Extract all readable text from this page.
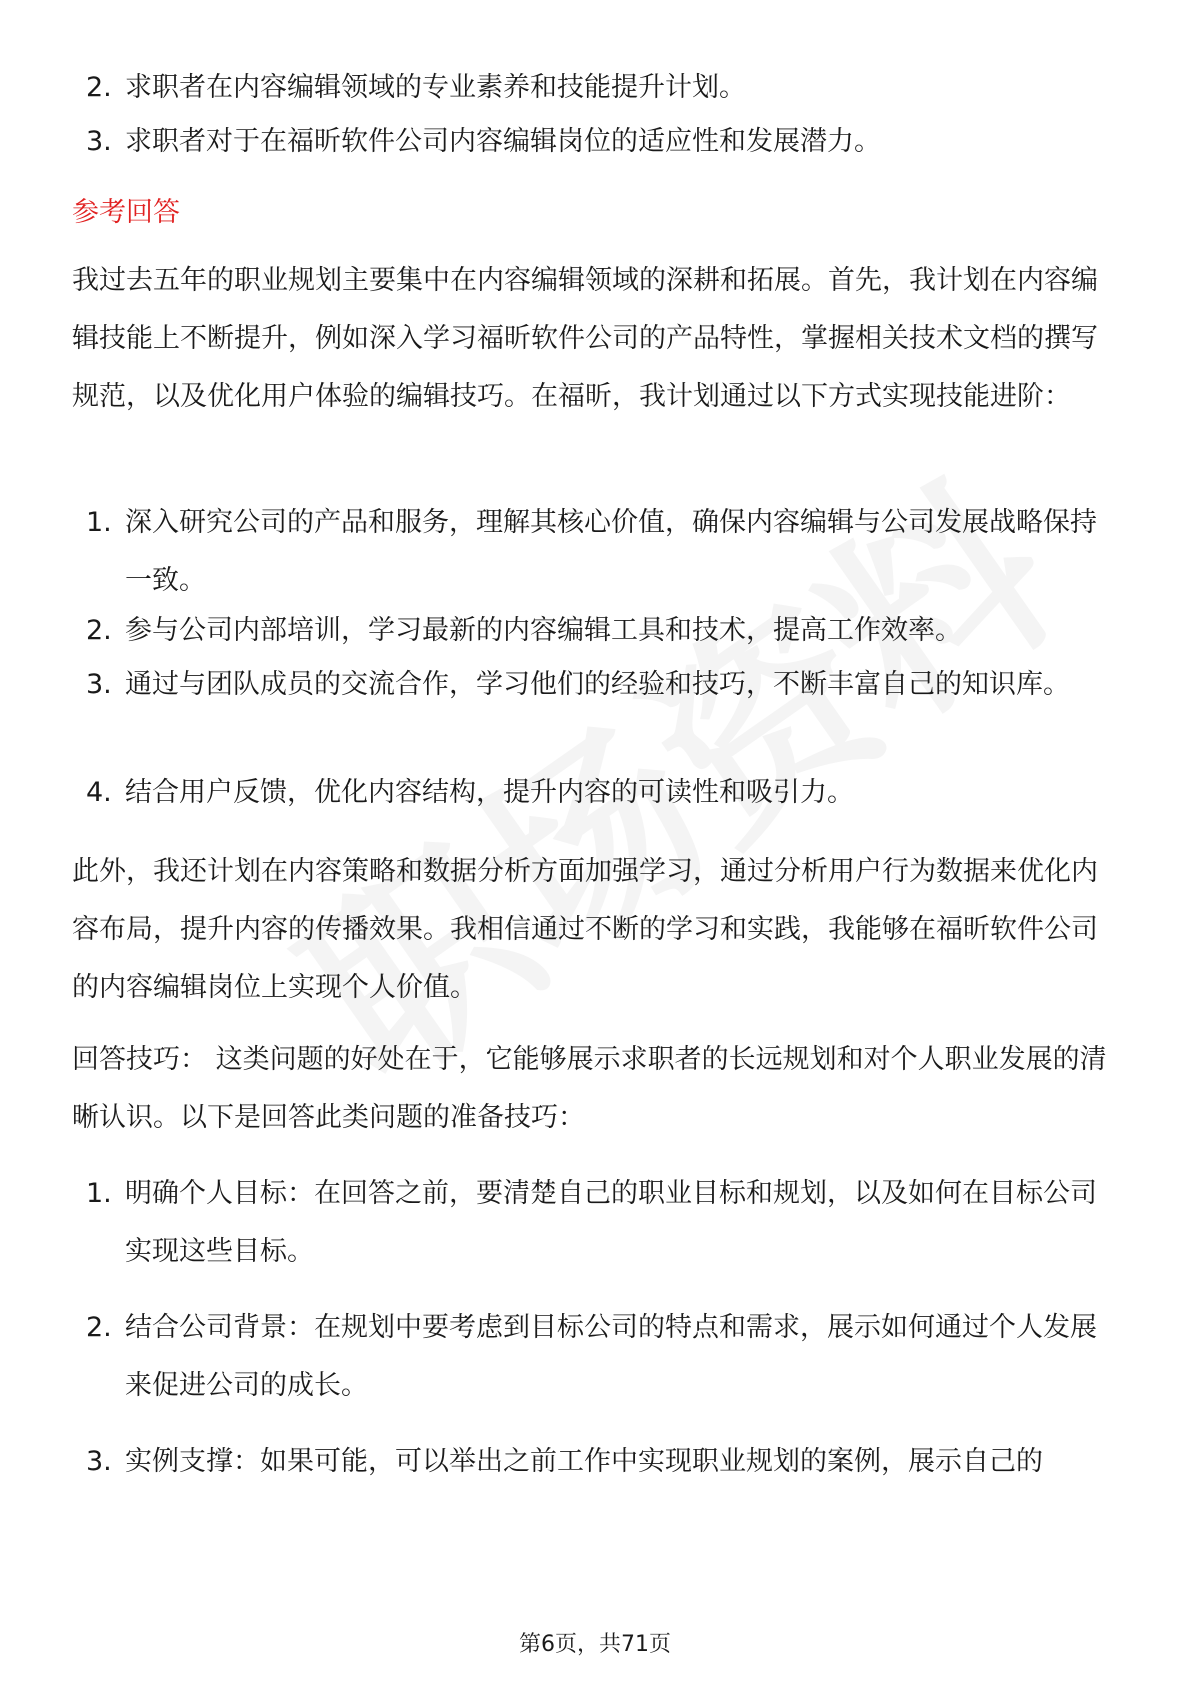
2. 求职者在内容编辑领域的专业素养和技能提升计划。
3. 求职者对于在福昕软件公司内容编辑岗位的适应性和发展潜力。
参考回答
我过去五年的职业规划主要集中在内容编辑领域的深耕和拓展。首先，我计划在内容编辑技能上不断提升，例如深入学习福昕软件公司的产品特性，掌握相关技术文档的撰写规范，以及优化用户体验的编辑技巧。在福昕，我计划通过以下方式实现技能进阶：
1. 深入研究公司的产品和服务，理解其核心价值，确保内容编辑与公司发展战略保持一致。
2. 参与公司内部培训，学习最新的内容编辑工具和技术，提高工作效率。
3. 通过与团队成员的交流合作，学习他们的经验和技巧，不断丰富自己的知识库。
4. 结合用户反馈，优化内容结构，提升内容的可读性和吸引力。
此外，我还计划在内容策略和数据分析方面加强学习，通过分析用户行为数据来优化内容布局，提升内容的传播效果。我相信通过不断的学习和实践，我能够在福昕软件公司的内容编辑岗位上实现个人价值。
回答技巧： 这类问题的好处在于，它能够展示求职者的长远规划和对个人职业发展的清晰认识。以下是回答此类问题的准备技巧：
1. 明确个人目标：在回答之前，要清楚自己的职业目标和规划，以及如何在目标公司实现这些目标。
2. 结合公司背景：在规划中要考虑到目标公司的特点和需求，展示如何通过个人发展来促进公司的成长。
3. 实例支撑：如果可能，可以举出之前工作中实现职业规划的案例，展示自己的
第6页，共71页
